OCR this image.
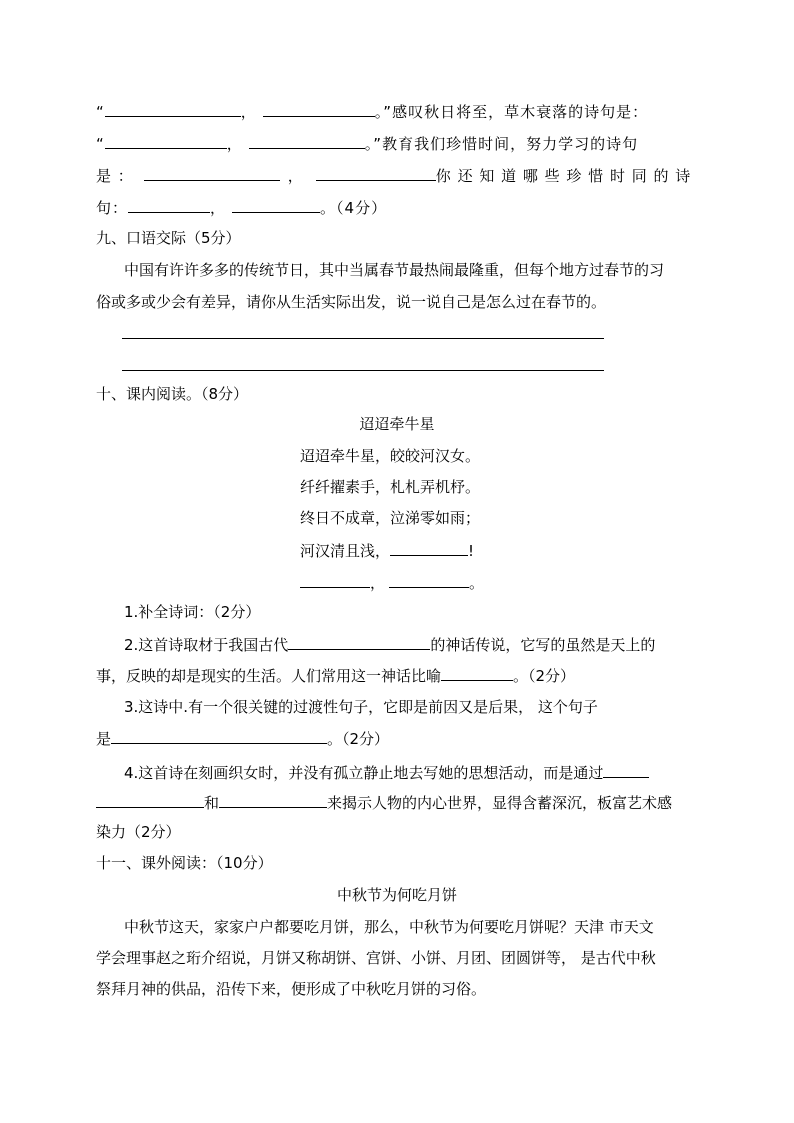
“	，	。”感叹秋日将至，草木衰落的诗句是：
“	，	。”教育我们珍惜时间，努力学习的诗句
是 ：	，	你 还 知 道 哪 些 珍 惜 时 同 的 诗
句：	，	。（4分）
九、口语交际（5分）
中国有许许多多的传统节日，其中当属春节最热闹最隆重，但每个地方过春节的习
俗或多或少会有差异，请你从生活实际出发，说一说自己是怎么过在春节的。
十、课内阅读。（8分）
迢迢牵牛星
迢迢牵牛星，皎皎河汉女。
纤纤擢素手，札札弄机杼。
终日不成章，泣涕零如雨；
河汉清且浅，	!
，	。
1.补全诗词：（2分）
2.这首诗取材于我国古代	的神话传说，它写的虽然是天上的
事，反映的却是现实的生活。人们常用这一神话比喻	。（2分）
3.这诗中.有一个很关键的过渡性句子，它即是前因又是后果， 这个句子
是	。（2分）
4.这首诗在刻画织女时，并没有孤立静止地去写她的思想活动，而是通过
和	来揭示人物的内心世界，显得含蓄深沉，板富艺术感
染力（2分）
十一、课外阅读：（10分）
中秋节为何吃月饼
中秋节这天，家家户户都要吃月饼，那么，中秋节为何要吃月饼呢？天津 市天文
学会理事赵之珩介绍说，月饼又称胡饼、宫饼、小饼、月团、团圆饼等， 是古代中秋
祭拜月神的供品，沿传下来，便形成了中秋吃月饼的习俗。
